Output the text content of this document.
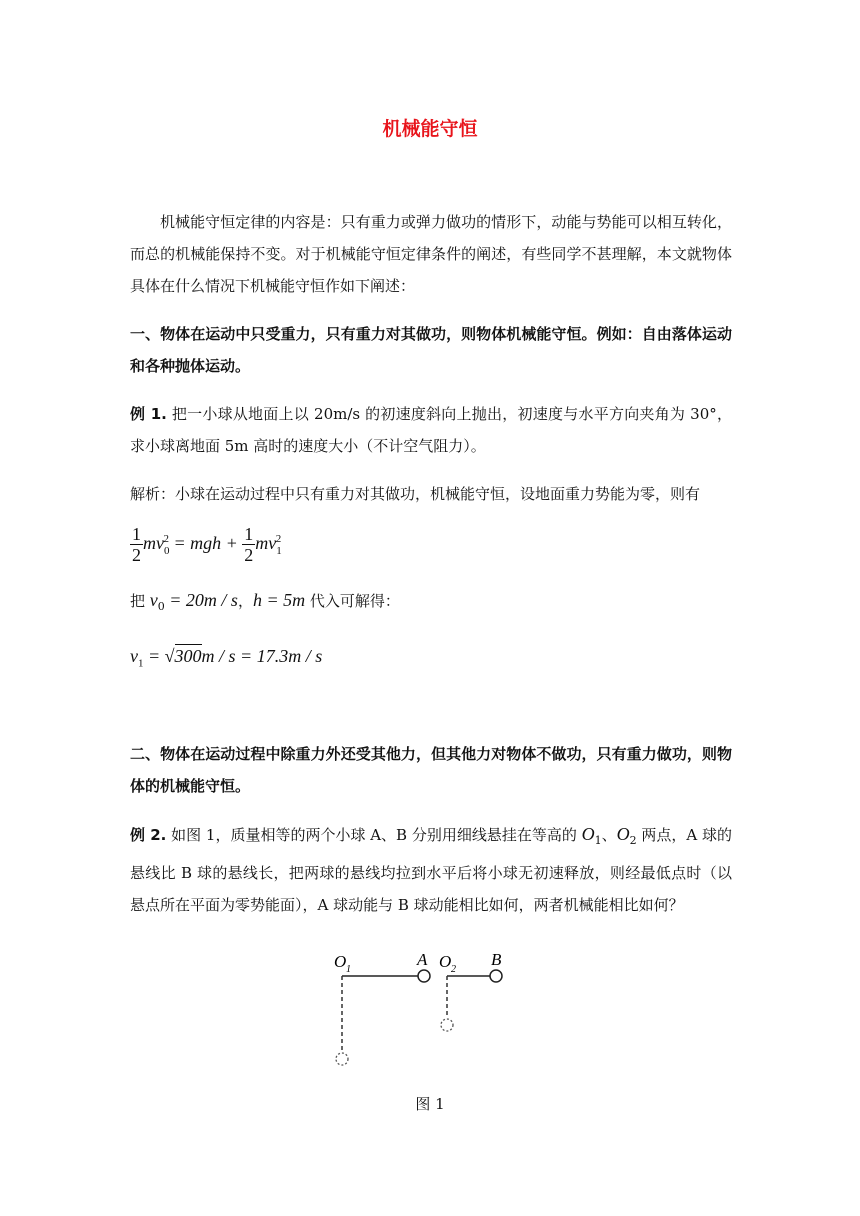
机械能守恒
机械能守恒定律的内容是：只有重力或弹力做功的情形下，动能与势能可以相互转化，而总的机械能保持不变。对于机械能守恒定律条件的阐述，有些同学不甚理解，本文就物体具体在什么情况下机械能守恒作如下阐述：
一、物体在运动中只受重力，只有重力对其做功，则物体机械能守恒。例如：自由落体运动和各种抛体运动。
例 1. 把一小球从地面上以 20m/s 的初速度斜向上抛出，初速度与水平方向夹角为 30°，求小球离地面 5m 高时的速度大小（不计空气阻力）。
解析：小球在运动过程中只有重力对其做功，机械能守恒，设地面重力势能为零，则有
$\frac{1}{2} mv_0^2$ = mgh + $\frac{1}{2} mv_1^2$
把 $v_0 = 20m / s$，h = 5m 代入可解得：
$v_1 = √300m / s = 17.3m / s$
二、物体在运动过程中除重力外还受其他力，但其他力对物体不做功，只有重力做功，则物体的机械能守恒。
例 2. 如图 1，质量相等的两个小球 A、B 分别用细线悬挂在等高的 $O_1$、$O_2$ 两点，A 球的悬线比 B 球的悬线长，把两球的悬线均拉到水平后将小球无初速释放，则经最低点时（以悬点所在平面为零势能面），A 球动能与 B 球动能相比如何，两者机械能相比如何？
O 1
A O 2
B
图 1
